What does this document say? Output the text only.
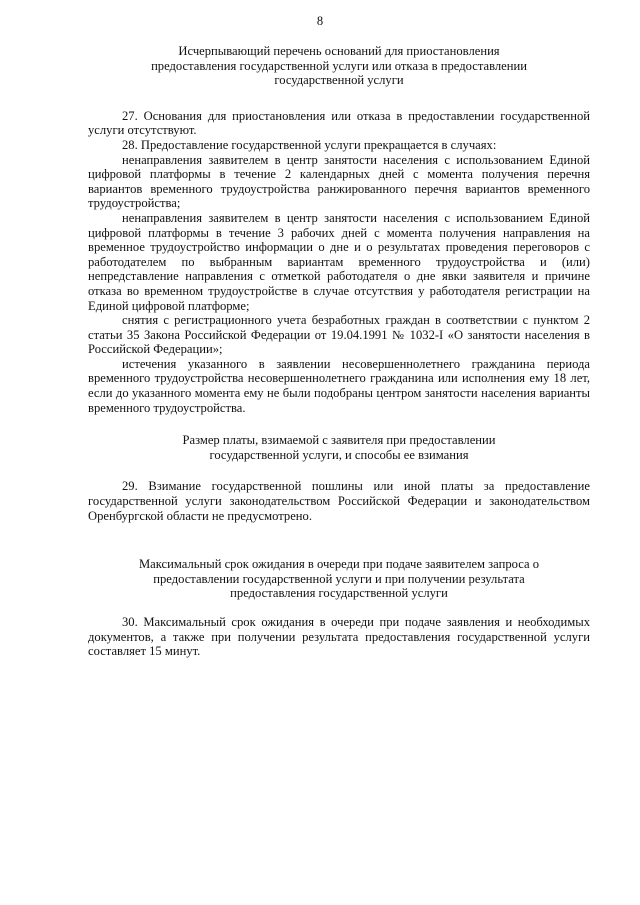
8
Исчерпывающий перечень оснований для приостановления
предоставления государственной услуги или отказа в предоставлении
государственной услуги

27. Основания для приостановления или отказа в предоставлении государственной услуги отсутствуют.

28. Предоставление государственной услуги прекращается в случаях:

ненаправления заявителем в центр занятости населения с использованием Единой цифровой платформы в течение 2 календарных дней с момента получения перечня вариантов временного трудоустройства ранжированного перечня вариантов временного трудоустройства;

ненаправления заявителем в центр занятости населения с использованием Единой цифровой платформы в течение 3 рабочих дней с момента получения направления на временное трудоустройство информации о дне и о результатах проведения переговоров с работодателем по выбранным вариантам временного трудоустройства и (или) непредставление направления с отметкой работодателя о дне явки заявителя и причине отказа во временном трудоустройстве в случае отсутствия у работодателя регистрации на Единой цифровой платформе;

снятия с регистрационного учета безработных граждан в соответствии с пунктом 2 статьи 35 Закона Российской Федерации от 19.04.1991 № 1032-I «О занятости населения в Российской Федерации»;

истечения указанного в заявлении несовершеннолетнего гражданина периода временного трудоустройства несовершеннолетнего гражданина или исполнения ему 18 лет, если до указанного момента ему не были подобраны центром занятости населения варианты временного трудоустройства.

Размер платы, взимаемой с заявителя при предоставлении
государственной услуги, и способы ее взимания

29. Взимание государственной пошлины или иной платы за предоставление государственной услуги законодательством Российской Федерации и законодательством Оренбургской области не предусмотрено.

Максимальный срок ожидания в очереди при подаче заявителем запроса о
предоставлении государственной услуги и при получении результата
предоставления государственной услуги

30. Максимальный срок ожидания в очереди при подаче заявления и необходимых документов, а также при получении результата предоставления государственной услуги составляет 15 минут.
